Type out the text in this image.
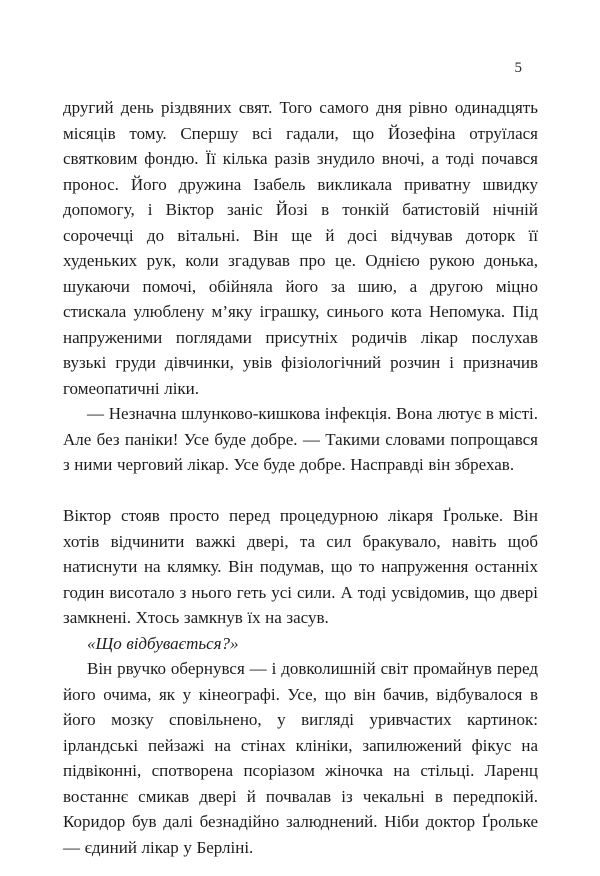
5

другий день різдвяних свят. Того самого дня рівно одинадцять місяців тому. Спершу всі гадали, що Йозефіна отруїлася святковим фондю. Її кілька разів знудило вночі, а тоді почався пронос. Його дружина Ізабель викликала приватну швидку допомогу, і Віктор заніс Йозі в тонкій батистовій нічній сорочечці до вітальні. Він ще й досі відчував доторк її худеньких рук, коли згадував про це. Однією рукою донька, шукаючи помочі, обійняла його за шию, а другою міцно стискала улюблену м’яку іграшку, синього кота Непомука. Під напруженими поглядами присутніх родичів лікар послухав вузькі груди дівчинки, увів фізіологічний розчин і призначив гомеопатичні ліки.

— Незначна шлунково-кишкова інфекція. Вона лютує в місті. Але без паніки! Усе буде добре. — Такими словами попрощався з ними черговий лікар. Усе буде добре. Насправді він збрехав.

Віктор стояв просто перед процедурною лікаря Ґрольке. Він хотів відчинити важкі двері, та сил бракувало, навіть щоб натиснути на клямку. Він подумав, що то напруження останніх годин висотало з нього геть усі сили. А тоді усвідомив, що двері замкнені. Хтось замкнув їх на засув.

«Що відбувається?»

Він рвучко обернувся — і довколишній світ промайнув перед його очима, як у кінеографі. Усе, що він бачив, відбувалося в його мозку сповільнено, у вигляді уривчастих картинок: ірландські пейзажі на стінах клініки, запилюжений фікус на підвіконні, спотворена псоріазом жіночка на стільці. Ларенц востаннє смикав двері й почвалав із чекальні в передпокій. Коридор був далі безнадійно залюднений. Ніби доктор Ґрольке — єдиний лікар у Берліні.
